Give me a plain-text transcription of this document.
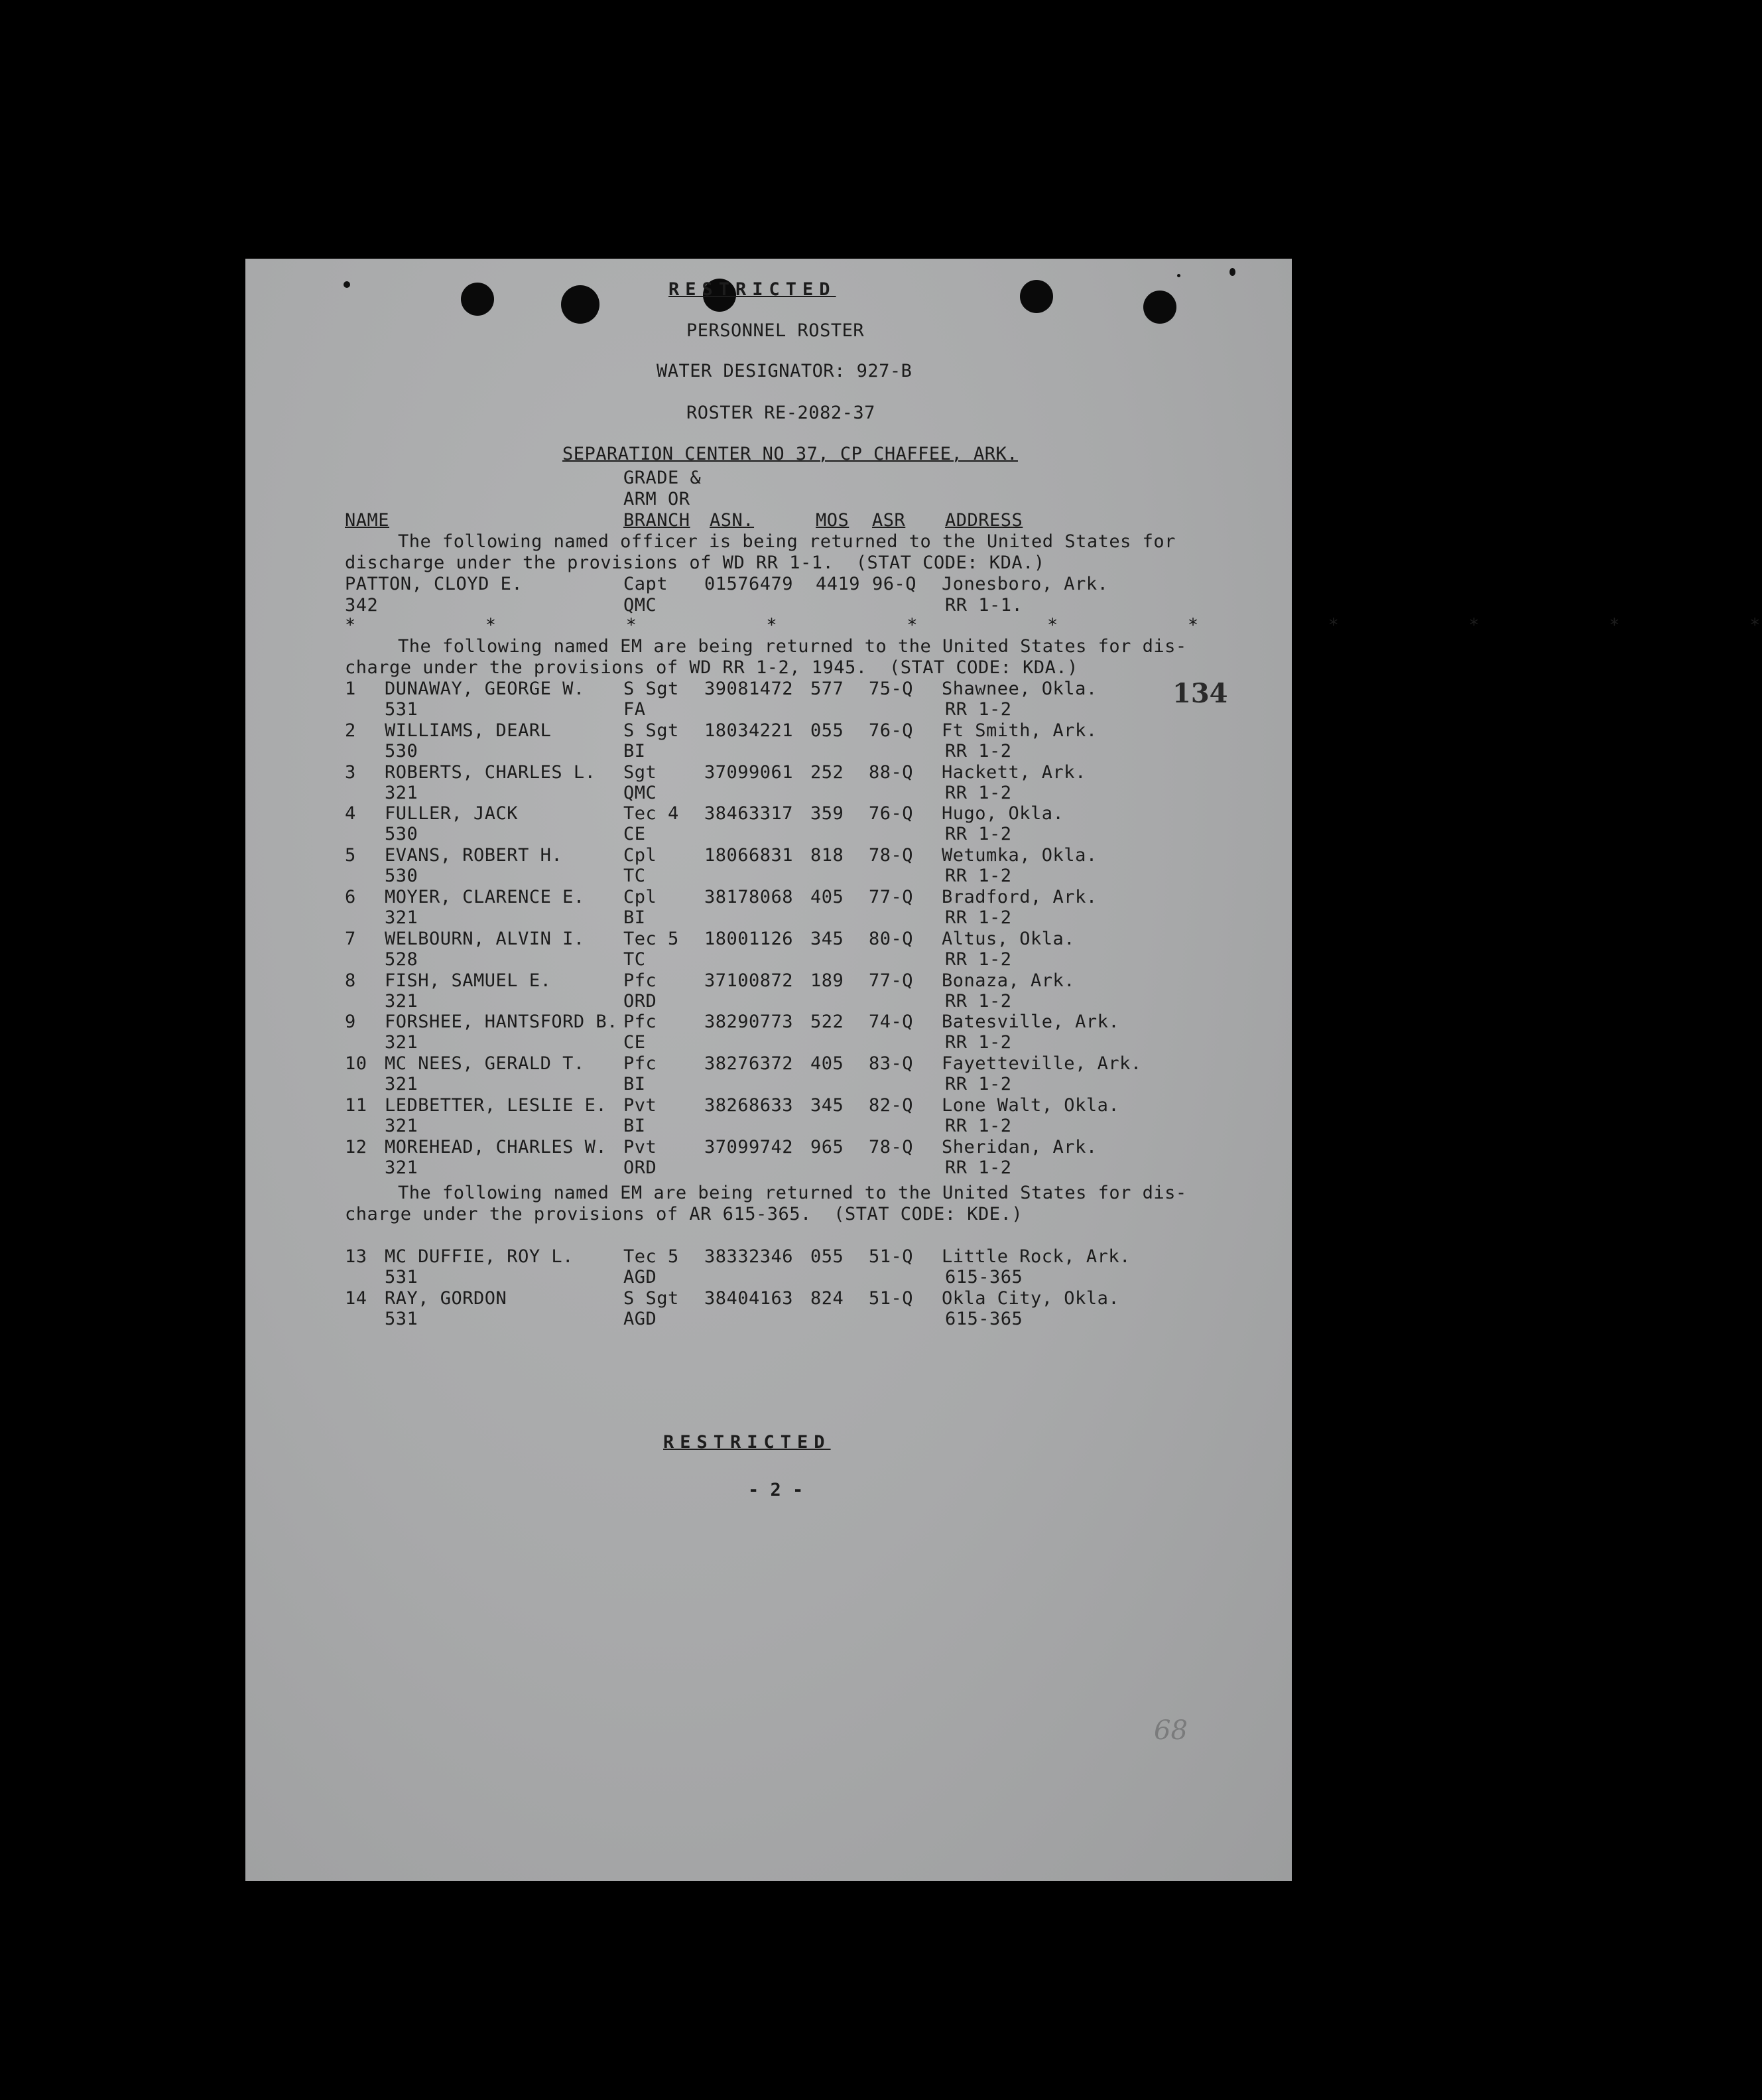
RESTRICTED
PERSONNEL ROSTER
WATER DESIGNATOR: 927-B
ROSTER RE-2082-37
SEPARATION CENTER NO 37, CP CHAFFEE, ARK.
GRADE &
ARM OR
NAME	BRANCH ASN.	MOS ASR ADDRESS
The following named officer is being returned to the United States for
discharge under the provisions of WD RR 1-1.  (STAT CODE: KDA.)
PATTON, CLOYD E.
342
Capt
QMC
01576479 4419 96-Q Jonesboro, Ark.
RR 1-1.
*          *          *          *          *          *          *          *          *          *          *
The following named EM are being returned to the United States for dis-
charge under the provisions of WD RR 1-2, 1945.  (STAT CODE: KDA.)
1 DUNAWAY, GEORGE W.
531
S Sgt
FA
39081472 577 75-Q Shawnee, Okla.
RR 1-2
2 WILLIAMS, DEARL
530
S Sgt
BI
18034221 055 76-Q Ft Smith, Ark.
RR 1-2
3 ROBERTS, CHARLES L.
321
Sgt
QMC
37099061 252 88-Q Hackett, Ark.
RR 1-2
4 FULLER, JACK
530
Tec 4
CE
38463317 359 76-Q Hugo, Okla.
RR 1-2
5 EVANS, ROBERT H.
530
Cpl
TC
18066831 818 78-Q Wetumka, Okla.
RR 1-2
6 MOYER, CLARENCE E.
321
Cpl
BI
38178068 405 77-Q Bradford, Ark.
RR 1-2
7 WELBOURN, ALVIN I.
528
Tec 5
TC
18001126 345 80-Q Altus, Okla.
RR 1-2
8 FISH, SAMUEL E.
321
Pfc
ORD
37100872 189 77-Q Bonaza, Ark.
RR 1-2
9 FORSHEE, HANTSFORD B.
321
Pfc
CE
38290773 522 74-Q Batesville, Ark.
RR 1-2
10 MC NEES, GERALD T.
321
Pfc
BI
38276372 405 83-Q Fayetteville, Ark.
RR 1-2
11 LEDBETTER, LESLIE E.
321
Pvt
BI
38268633 345 82-Q Lone Walt, Okla.
RR 1-2
12 MOREHEAD, CHARLES W.
321
Pvt
ORD
37099742 965 78-Q Sheridan, Ark.
RR 1-2
The following named EM are being returned to the United States for dis-
charge under the provisions of AR 615-365.  (STAT CODE: KDE.)
13 MC DUFFIE, ROY L.
531
Tec 5
AGD
38332346 055 51-Q Little Rock, Ark.
615-365
14 RAY, GORDON
531
S Sgt
AGD
38404163 824 51-Q Okla City, Okla.
615-365
134
RESTRICTED
- 2 -
68
